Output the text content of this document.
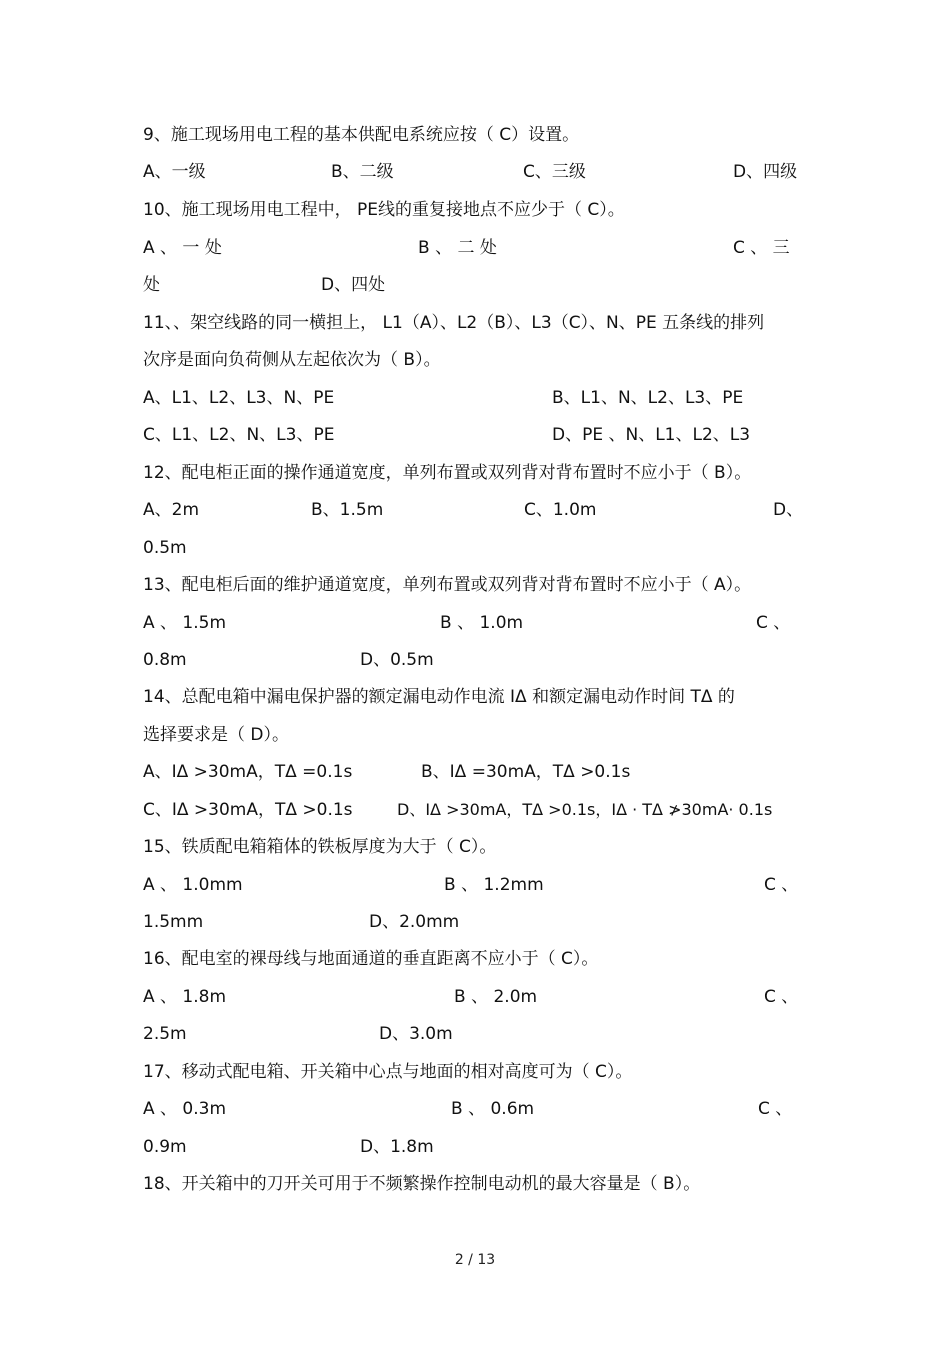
9、施工现场用电工程的基本供配电系统应按（ C）设置。
A、一级	B、二级	C、三级	D、四级
10、施工现场用电工程中， PE线的重复接地点不应少于（ C）。
A 、 一 处	B 、 二 处	C 、 三
处	D、四处
11、、架空线路的同一横担上， L1（A）、L2（B）、L3（C）、N、PE 五条线的排列
次序是面向负荷侧从左起依次为（ B）。
A、L1、L2、L3、N、PE	B、L1、N、L2、L3、PE
C、L1、L2、N、L3、PE	D、PE 、N、L1、L2、L3
12、配电柜正面的操作通道宽度，单列布置或双列背对背布置时不应小于（ B）。
A、2m	B、1.5m	C、1.0m	D、
0.5m
13、配电柜后面的维护通道宽度，单列布置或双列背对背布置时不应小于（ A）。
A 、 1.5m	B 、 1.0m	C 、
0.8m	D、0.5m
14、总配电箱中漏电保护器的额定漏电动作电流 IΔ 和额定漏电动作时间 TΔ 的
选择要求是（ D）。
A、IΔ >30mA，TΔ =0.1s	B、IΔ =30mA，TΔ >0.1s
C、IΔ >30mA，TΔ >0.1s	D、IΔ >30mA，TΔ >0.1s，IΔ · TΔ ≯30mA· 0.1s
15、铁质配电箱箱体的铁板厚度为大于（ C）。
A 、 1.0mm	B 、 1.2mm	C 、
1.5mm	D、2.0mm
16、配电室的裸母线与地面通道的垂直距离不应小于（ C）。
A 、 1.8m	B 、 2.0m	C 、
2.5m	D、3.0m
17、移动式配电箱、开关箱中心点与地面的相对高度可为（ C）。
A 、 0.3m	B 、 0.6m	C 、
0.9m	D、1.8m
18、开关箱中的刀开关可用于不频繁操作控制电动机的最大容量是（ B）。
2 / 13
